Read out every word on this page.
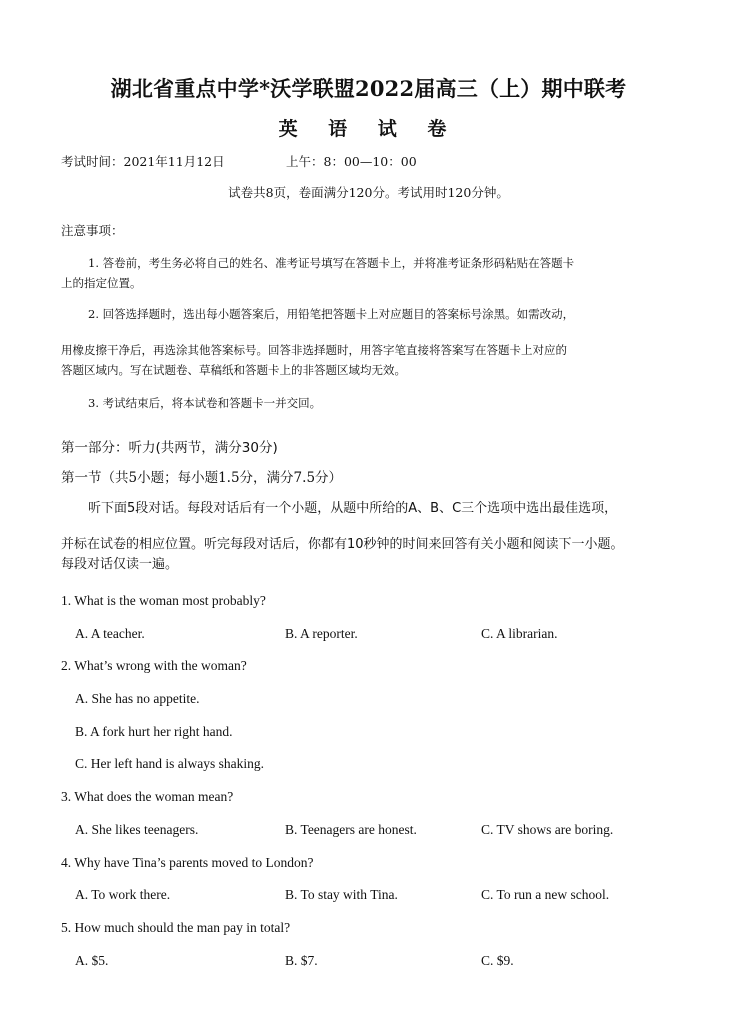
湖北省重点中学*沃学联盟2022届高三（上）期中联考
英 语 试 卷
考试时间：2021年11月12日	上午：8：00—10：00
试卷共8页，卷面满分120分。考试用时120分钟。
注意事项：
1. 答卷前，考生务必将自己的姓名、准考证号填写在答题卡上，并将准考证条形码粘贴在答题卡
上的指定位置。
2. 回答选择题时，选出每小题答案后，用铅笔把答题卡上对应题目的答案标号涂黑。如需改动，
用橡皮擦干净后，再选涂其他答案标号。回答非选择题时，用答字笔直接将答案写在答题卡上对应的
答题区域内。写在试题卷、草稿纸和答题卡上的非答题区域均无效。
3. 考试结束后，将本试卷和答题卡一并交回。
第一部分：听力(共两节，满分30分)
第一节（共5小题；每小题1.5分，满分7.5分）
听下面5段对话。每段对话后有一个小题，从题中所给的A、B、C三个选项中选出最佳选项，
并标在试卷的相应位置。听完每段对话后，你都有10秒钟的时间来回答有关小题和阅读下一小题。
每段对话仅读一遍。
1. What is the woman most probably?
A. A teacher.	B. A reporter.	C. A librarian.
2. What’s wrong with the woman?
A. She has no appetite.
B. A fork hurt her right hand.
C. Her left hand is always shaking.
3. What does the woman mean?
A. She likes teenagers.	B. Teenagers are honest.	C. TV shows are boring.
4. Why have Tina’s parents moved to London?
A. To work there.	B. To stay with Tina.	C. To run a new school.
5. How much should the man pay in total?
A. $5.	B. $7.	C. $9.
